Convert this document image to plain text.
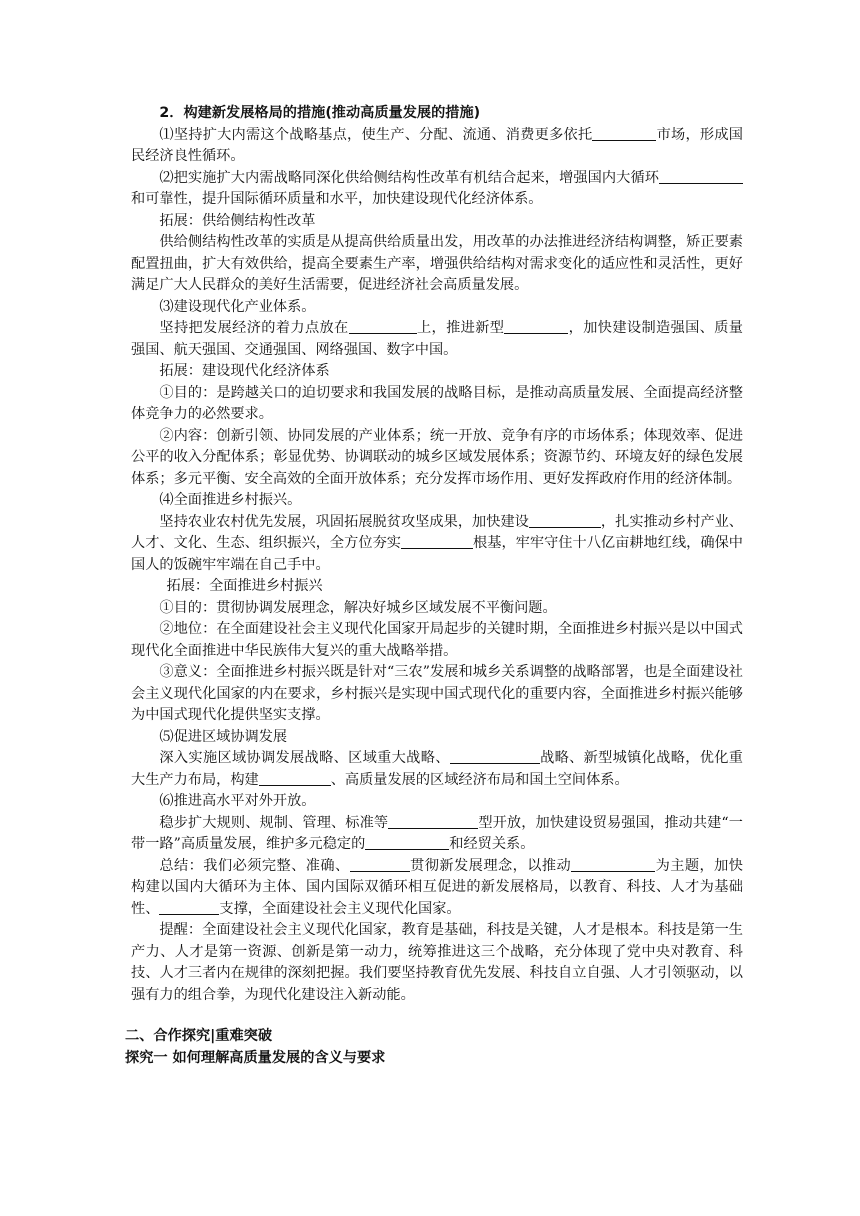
2．构建新发展格局的措施(推动高质量发展的措施)

⑴坚持扩大内需这个战略基点，使生产、分配、流通、消费更多依托	市场，形成国民经济良性循环。

⑵把实施扩大内需战略同深化供给侧结构性改革有机结合起来，增强国内大循环和可靠性，提升国际循环质量和水平，加快建设现代化经济体系。

拓展：供给侧结构性改革

供给侧结构性改革的实质是从提高供给质量出发，用改革的办法推进经济结构调整，矫正要素配置扭曲，扩大有效供给，提高全要素生产率，增强供给结构对需求变化的适应性和灵活性，更好满足广大人民群众的美好生活需要，促进经济社会高质量发展。

⑶建设现代化产业体系。

坚持把发展经济的着力点放在	上，推进新型	，加快建设制造强国、质量强国、航天强国、交通强国、网络强国、数字中国。

拓展：建设现代化经济体系

①目的：是跨越关口的迫切要求和我国发展的战略目标，是推动高质量发展、全面提高经济整体竞争力的必然要求。

②内容：创新引领、协同发展的产业体系；统一开放、竞争有序的市场体系；体现效率、促进公平的收入分配体系；彰显优势、协调联动的城乡区域发展体系；资源节约、环境友好的绿色发展体系；多元平衡、安全高效的全面开放体系；充分发挥市场作用、更好发挥政府作用的经济体制。

⑷全面推进乡村振兴。

坚持农业农村优先发展，巩固拓展脱贫攻坚成果，加快建设	，扎实推动乡村产业、人才、文化、生态、组织振兴，全方位夯实	根基，牢牢守住十八亿亩耕地红线，确保中国人的饭碗牢牢端在自己手中。

拓展：全面推进乡村振兴

①目的：贯彻协调发展理念，解决好城乡区域发展不平衡问题。

②地位：在全面建设社会主义现代化国家开局起步的关键时期，全面推进乡村振兴是以中国式现代化全面推进中华民族伟大复兴的重大战略举措。

③意义：全面推进乡村振兴既是针对“三农”发展和城乡关系调整的战略部署，也是全面建设社会主义现代化国家的内在要求，乡村振兴是实现中国式现代化的重要内容，全面推进乡村振兴能够为中国式现代化提供坚实支撑。

⑸促进区域协调发展

深入实施区域协调发展战略、区域重大战略、	战略、新型城镇化战略，优化重大生产力布局，构建	、高质量发展的区域经济布局和国土空间体系。

⑹推进高水平对外开放。

稳步扩大规则、规制、管理、标准等	型开放，加快建设贸易强国，推动共建“一带一路”高质量发展，维护多元稳定的	和经贸关系。

总结：我们必须完整、准确、	贯彻新发展理念，以推动	为主题，加快构建以国内大循环为主体、国内国际双循环相互促进的新发展格局，以教育、科技、人才为基础性、	支撑，全面建设社会主义现代化国家。

提醒：全面建设社会主义现代化国家，教育是基础，科技是关键，人才是根本。科技是第一生产力、人才是第一资源、创新是第一动力，统筹推进这三个战略，充分体现了党中央对教育、科技、人才三者内在规律的深刻把握。我们要坚持教育优先发展、科技自立自强、人才引领驱动，以强有力的组合拳，为现代化建设注入新动能。

二、合作探究|重难突破

探究一 如何理解高质量发展的含义与要求
